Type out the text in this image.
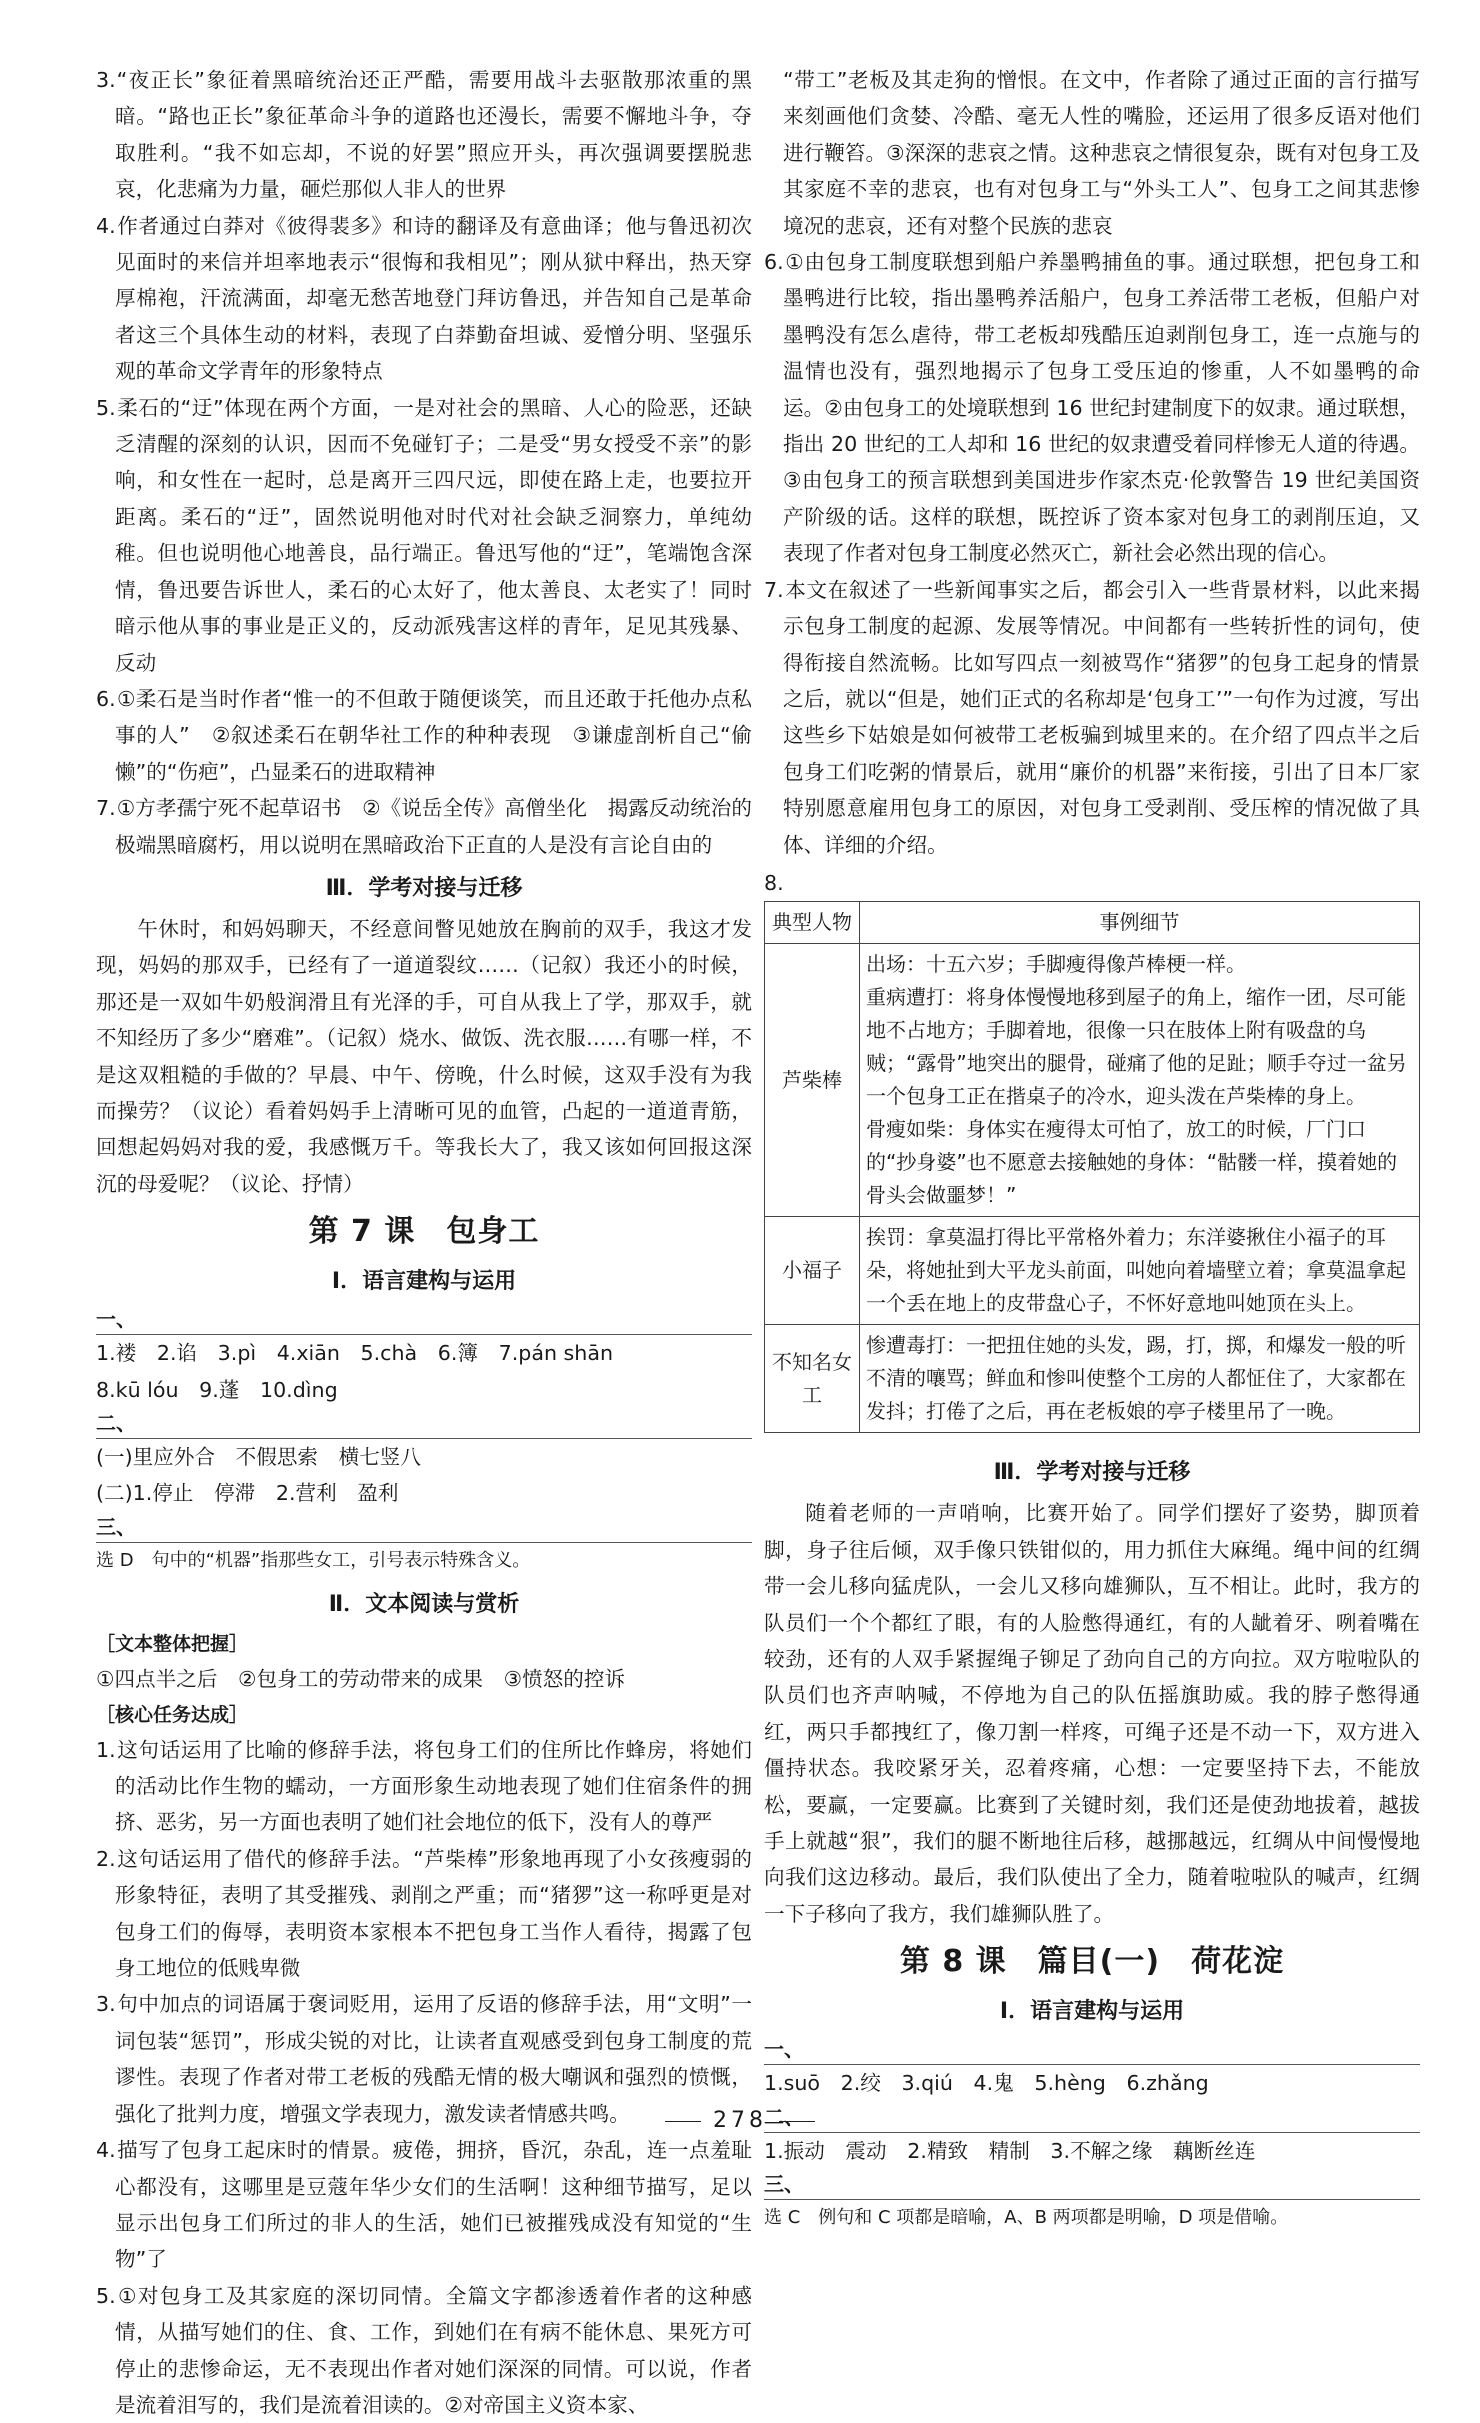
3.“夜正长”象征着黑暗统治还正严酷，需要用战斗去驱散那浓重的黑暗。“路也正长”象征革命斗争的道路也还漫长，需要不懈地斗争，夺取胜利。“我不如忘却，不说的好罢”照应开头，再次强调要摆脱悲哀，化悲痛为力量，砸烂那似人非人的世界

4.作者通过白莽对《彼得裴多》和诗的翻译及有意曲译；他与鲁迅初次见面时的来信并坦率地表示“很悔和我相见”；刚从狱中释出，热天穿厚棉袍，汗流满面，却毫无愁苦地登门拜访鲁迅，并告知自己是革命者这三个具体生动的材料，表现了白莽勤奋坦诚、爱憎分明、坚强乐观的革命文学青年的形象特点

5.柔石的“迂”体现在两个方面，一是对社会的黑暗、人心的险恶，还缺乏清醒的深刻的认识，因而不免碰钉子；二是受“男女授受不亲”的影响，和女性在一起时，总是离开三四尺远，即使在路上走，也要拉开距离。柔石的“迂”，固然说明他对时代对社会缺乏洞察力，单纯幼稚。但也说明他心地善良，品行端正。鲁迅写他的“迂”，笔端饱含深情，鲁迅要告诉世人，柔石的心太好了，他太善良、太老实了！同时暗示他从事的事业是正义的，反动派残害这样的青年，足见其残暴、反动

6.①柔石是当时作者“惟一的不但敢于随便谈笑，而且还敢于托他办点私事的人”　②叙述柔石在朝华社工作的种种表现　③谦虚剖析自己“偷懒”的“伤疤”，凸显柔石的进取精神

7.①方孝孺宁死不起草诏书　②《说岳全传》高僧坐化　揭露反动统治的极端黑暗腐朽，用以说明在黑暗政治下正直的人是没有言论自由的

Ⅲ．学考对接与迁移

午休时，和妈妈聊天，不经意间瞥见她放在胸前的双手，我这才发现，妈妈的那双手，已经有了一道道裂纹……（记叙）我还小的时候，那还是一双如牛奶般润滑且有光泽的手，可自从我上了学，那双手，就不知经历了多少“磨难”。（记叙）烧水、做饭、洗衣服……有哪一样，不是这双粗糙的手做的？早晨、中午、傍晚，什么时候，这双手没有为我而操劳？（议论）看着妈妈手上清晰可见的血管，凸起的一道道青筋，回想起妈妈对我的爱，我感慨万千。等我长大了，我又该如何回报这深沉的母爱呢？（议论、抒情）

第 7 课　包身工
Ⅰ．语言建构与运用
一、

1.褛　2.谄　3.pì　4.xiān　5.chà　6.簿　7.pán shān

8.kū lóu　9.蓬　10.dìng

二、

(一)里应外合　不假思索　横七竖八

(二)1.停止　停滞　2.营利　盈利

三、

选 D　句中的“机器”指那些女工，引号表示特殊含义。

Ⅱ．文本阅读与赏析

［文本整体把握］

①四点半之后　②包身工的劳动带来的成果　③愤怒的控诉

［核心任务达成］

1.这句话运用了比喻的修辞手法，将包身工们的住所比作蜂房，将她们的活动比作生物的蠕动，一方面形象生动地表现了她们住宿条件的拥挤、恶劣，另一方面也表明了她们社会地位的低下，没有人的尊严

2.这句话运用了借代的修辞手法。“芦柴棒”形象地再现了小女孩瘦弱的形象特征，表明了其受摧残、剥削之严重；而“猪猡”这一称呼更是对包身工们的侮辱，表明资本家根本不把包身工当作人看待，揭露了包身工地位的低贱卑微

3.句中加点的词语属于褒词贬用，运用了反语的修辞手法，用“文明”一词包装“惩罚”，形成尖锐的对比，让读者直观感受到包身工制度的荒谬性。表现了作者对带工老板的残酷无情的极大嘲讽和强烈的愤慨，强化了批判力度，增强文学表现力，激发读者情感共鸣。

4.描写了包身工起床时的情景。疲倦，拥挤，昏沉，杂乱，连一点羞耻心都没有，这哪里是豆蔻年华少女们的生活啊！这种细节描写，足以显示出包身工们所过的非人的生活，她们已被摧残成没有知觉的“生物”了

5.①对包身工及其家庭的深切同情。全篇文字都渗透着作者的这种感情，从描写她们的住、食、工作，到她们在有病不能休息、果死方可停止的悲惨命运，无不表现出作者对她们深深的同情。可以说，作者是流着泪写的，我们是流着泪读的。②对帝国主义资本家、

“带工”老板及其走狗的憎恨。在文中，作者除了通过正面的言行描写来刻画他们贪婪、冷酷、毫无人性的嘴脸，还运用了很多反语对他们进行鞭笞。③深深的悲哀之情。这种悲哀之情很复杂，既有对包身工及其家庭不幸的悲哀，也有对包身工与“外头工人”、包身工之间其悲惨境况的悲哀，还有对整个民族的悲哀

6.①由包身工制度联想到船户养墨鸭捕鱼的事。通过联想，把包身工和墨鸭进行比较，指出墨鸭养活船户，包身工养活带工老板，但船户对墨鸭没有怎么虐待，带工老板却残酷压迫剥削包身工，连一点施与的温情也没有，强烈地揭示了包身工受压迫的惨重，人不如墨鸭的命运。②由包身工的处境联想到 16 世纪封建制度下的奴隶。通过联想，指出 20 世纪的工人却和 16 世纪的奴隶遭受着同样惨无人道的待遇。③由包身工的预言联想到美国进步作家杰克·伦敦警告 19 世纪美国资产阶级的话。这样的联想，既控诉了资本家对包身工的剥削压迫，又表现了作者对包身工制度必然灭亡，新社会必然出现的信心。

7.本文在叙述了一些新闻事实之后，都会引入一些背景材料，以此来揭示包身工制度的起源、发展等情况。中间都有一些转折性的词句，使得衔接自然流畅。比如写四点一刻被骂作“猪猡”的包身工起身的情景之后，就以“但是，她们正式的名称却是‘包身工’”一句作为过渡，写出这些乡下姑娘是如何被带工老板骗到城里来的。在介绍了四点半之后包身工们吃粥的情景后，就用“廉价的机器”来衔接，引出了日本厂家特别愿意雇用包身工的原因，对包身工受剥削、受压榨的情况做了具体、详细的介绍。

8.
典型人物	事例细节
芦柴棒	出场：十五六岁；手脚瘦得像芦棒梗一样。
重病遭打：将身体慢慢地移到屋子的角上，缩作一团，尽可能地不占地方；手脚着地，很像一只在肢体上附有吸盘的乌贼；“露骨”地突出的腿骨，碰痛了他的足趾；顺手夺过一盆另一个包身工正在揩桌子的冷水，迎头泼在芦柴棒的身上。
骨瘦如柴：身体实在瘦得太可怕了，放工的时候，厂门口的“抄身婆”也不愿意去接触她的身体：“骷髅一样，摸着她的骨头会做噩梦！”
小福子	挨罚：拿莫温打得比平常格外着力；东洋婆揪住小福子的耳朵，将她扯到大平龙头前面，叫她向着墙壁立着；拿莫温拿起一个丢在地上的皮带盘心子，不怀好意地叫她顶在头上。
不知名女工	惨遭毒打：一把扭住她的头发，踢，打，掷，和爆发一般的听不清的嚷骂；鲜血和惨叫使整个工房的人都怔住了，大家都在发抖；打倦了之后，再在老板娘的亭子楼里吊了一晚。
Ⅲ．学考对接与迁移

随着老师的一声哨响，比赛开始了。同学们摆好了姿势，脚顶着脚，身子往后倾，双手像只铁钳似的，用力抓住大麻绳。绳中间的红绸带一会儿移向猛虎队，一会儿又移向雄狮队，互不相让。此时，我方的队员们一个个都红了眼，有的人脸憋得通红，有的人龇着牙、咧着嘴在较劲，还有的人双手紧握绳子铆足了劲向自己的方向拉。双方啦啦队的队员们也齐声呐喊，不停地为自己的队伍摇旗助威。我的脖子憋得通红，两只手都拽红了，像刀割一样疼，可绳子还是不动一下，双方进入僵持状态。我咬紧牙关，忍着疼痛，心想：一定要坚持下去，不能放松，要赢，一定要赢。比赛到了关键时刻，我们还是使劲地拔着，越拔手上就越“狠”，我们的腿不断地往后移，越挪越远，红绸从中间慢慢地向我们这边移动。最后，我们队使出了全力，随着啦啦队的喊声，红绸一下子移向了我方，我们雄狮队胜了。

第 8 课　篇目(一)　荷花淀
Ⅰ．语言建构与运用
一、

1.suō　2.绞　3.qiú　4.鬼　5.hèng　6.zhǎng

二、

1.振动　震动　2.精致　精制　3.不解之缘　藕断丝连

三、

选 C　例句和 C 项都是暗喻，A、B 两项都是明喻，D 项是借喻。

278
